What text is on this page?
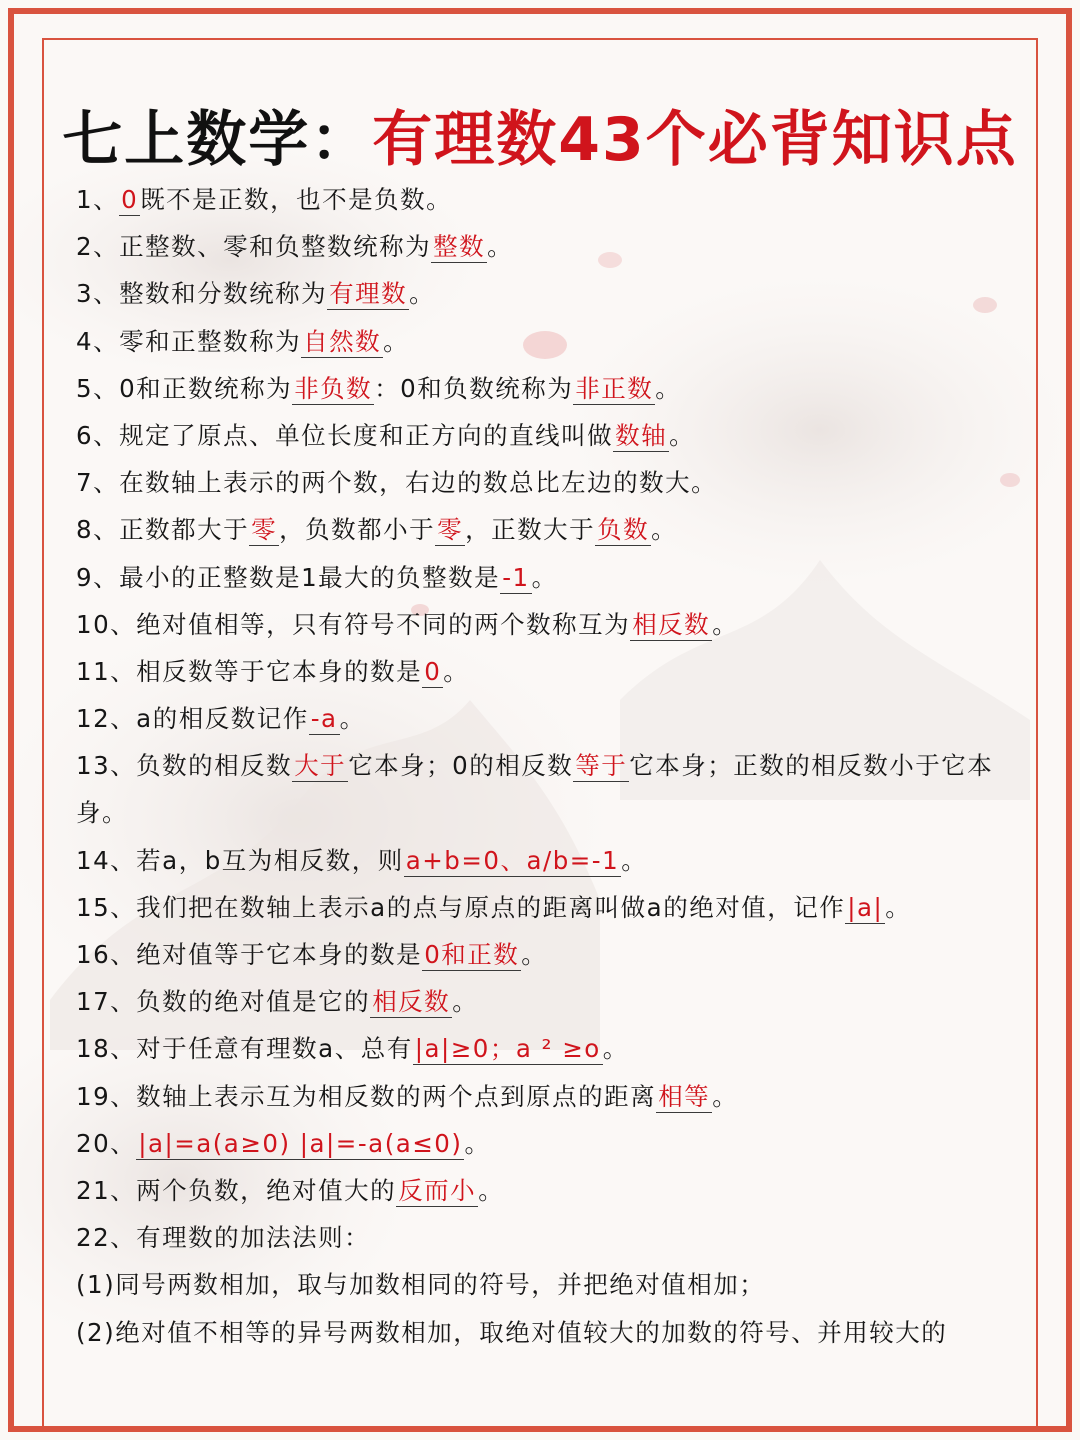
七上数学：有理数43个必背知识点
1、0既不是正数，也不是负数。
2、正整数、零和负整数统称为整数。
3、整数和分数统称为有理数。
4、零和正整数称为自然数。
5、0和正数统称为非负数：0和负数统称为非正数。
6、规定了原点、单位长度和正方向的直线叫做数轴。
7、在数轴上表示的两个数，右边的数总比左边的数大。
8、正数都大于零，负数都小于零，正数大于负数。
9、最小的正整数是1最大的负整数是-1。
10、绝对值相等，只有符号不同的两个数称互为相反数。
11、相反数等于它本身的数是0。
12、a的相反数记作-a。
13、负数的相反数大于它本身；0的相反数等于它本身；正数的相反数小于它本身。
14、若a，b互为相反数，则a+b=0、a/b=-1。
15、我们把在数轴上表示a的点与原点的距离叫做a的绝对值，记作|a|。
16、绝对值等于它本身的数是0和正数。
17、负数的绝对值是它的相反数。
18、对于任意有理数a、总有|a|≥0；a ² ≥o。
19、数轴上表示互为相反数的两个点到原点的距离相等。
20、|a|=a(a≥0) |a|=-a(a≤0)。
21、两个负数，绝对值大的反而小。
22、有理数的加法法则：
(1)同号两数相加，取与加数相同的符号，并把绝对值相加；
(2)绝对值不相等的异号两数相加，取绝对值较大的加数的符号、并用较大的
